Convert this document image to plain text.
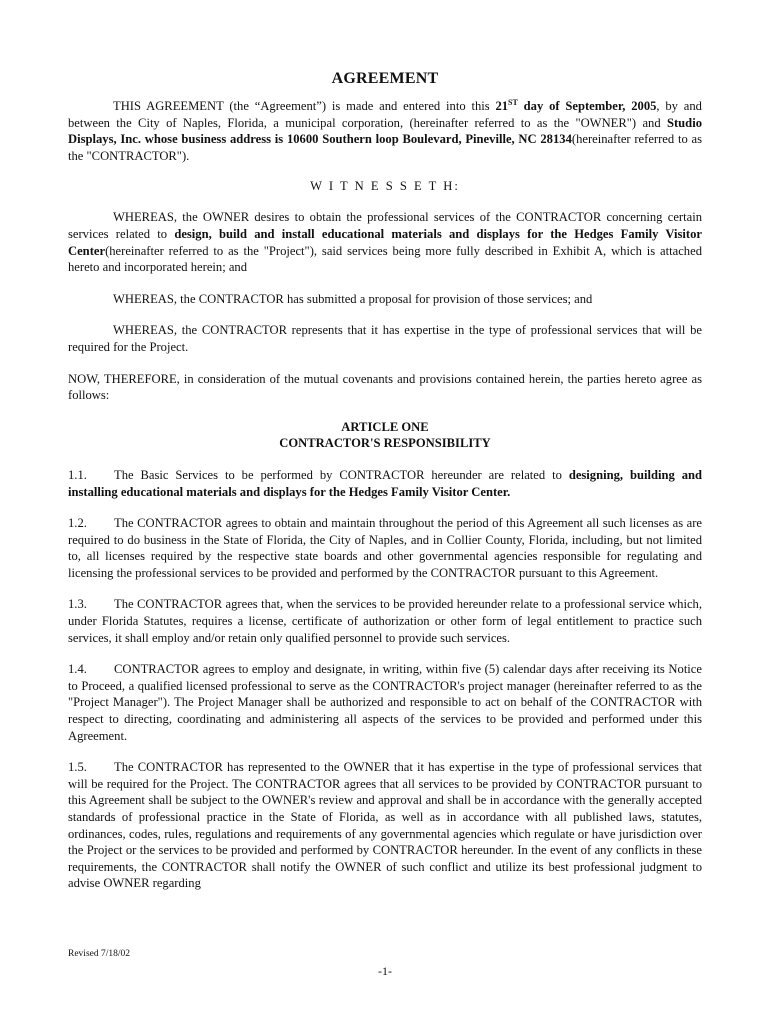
AGREEMENT

THIS AGREEMENT (the “Agreement”) is made and entered into this 21ST day of September, 2005, by and between the City of Naples, Florida, a municipal corporation, (hereinafter referred to as the "OWNER") and Studio Displays, Inc. whose business address is 10600 Southern loop Boulevard, Pineville, NC 28134(hereinafter referred to as the "CONTRACTOR").

W I T N E S S E T H:

WHEREAS, the OWNER desires to obtain the professional services of the CONTRACTOR concerning certain services related to design, build and install educational materials and displays for the Hedges Family Visitor Center(hereinafter referred to as the "Project"), said services being more fully described in Exhibit A, which is attached hereto and incorporated herein; and

WHEREAS, the CONTRACTOR has submitted a proposal for provision of those services; and

WHEREAS, the CONTRACTOR represents that it has expertise in the type of professional services that will be required for the Project.

NOW, THEREFORE, in consideration of the mutual covenants and provisions contained herein, the parties hereto agree as follows:

ARTICLE ONE
CONTRACTOR'S RESPONSIBILITY

1.1. The Basic Services to be performed by CONTRACTOR hereunder are related to designing, building and installing educational materials and displays for the Hedges Family Visitor Center.

1.2. The CONTRACTOR agrees to obtain and maintain throughout the period of this Agreement all such licenses as are required to do business in the State of Florida, the City of Naples, and in Collier County, Florida, including, but not limited to, all licenses required by the respective state boards and other governmental agencies responsible for regulating and licensing the professional services to be provided and performed by the CONTRACTOR pursuant to this Agreement.

1.3. The CONTRACTOR agrees that, when the services to be provided hereunder relate to a professional service which, under Florida Statutes, requires a license, certificate of authorization or other form of legal entitlement to practice such services, it shall employ and/or retain only qualified personnel to provide such services.

1.4. CONTRACTOR agrees to employ and designate, in writing, within five (5) calendar days after receiving its Notice to Proceed, a qualified licensed professional to serve as the CONTRACTOR's project manager (hereinafter referred to as the "Project Manager"). The Project Manager shall be authorized and responsible to act on behalf of the CONTRACTOR with respect to directing, coordinating and administering all aspects of the services to be provided and performed under this Agreement.

1.5. The CONTRACTOR has represented to the OWNER that it has expertise in the type of professional services that will be required for the Project. The CONTRACTOR agrees that all services to be provided by CONTRACTOR pursuant to this Agreement shall be subject to the OWNER's review and approval and shall be in accordance with the generally accepted standards of professional practice in the State of Florida, as well as in accordance with all published laws, statutes, ordinances, codes, rules, regulations and requirements of any governmental agencies which regulate or have jurisdiction over the Project or the services to be provided and performed by CONTRACTOR hereunder. In the event of any conflicts in these requirements, the CONTRACTOR shall notify the OWNER of such conflict and utilize its best professional judgment to advise OWNER regarding

Revised 7/18/02
-1-
